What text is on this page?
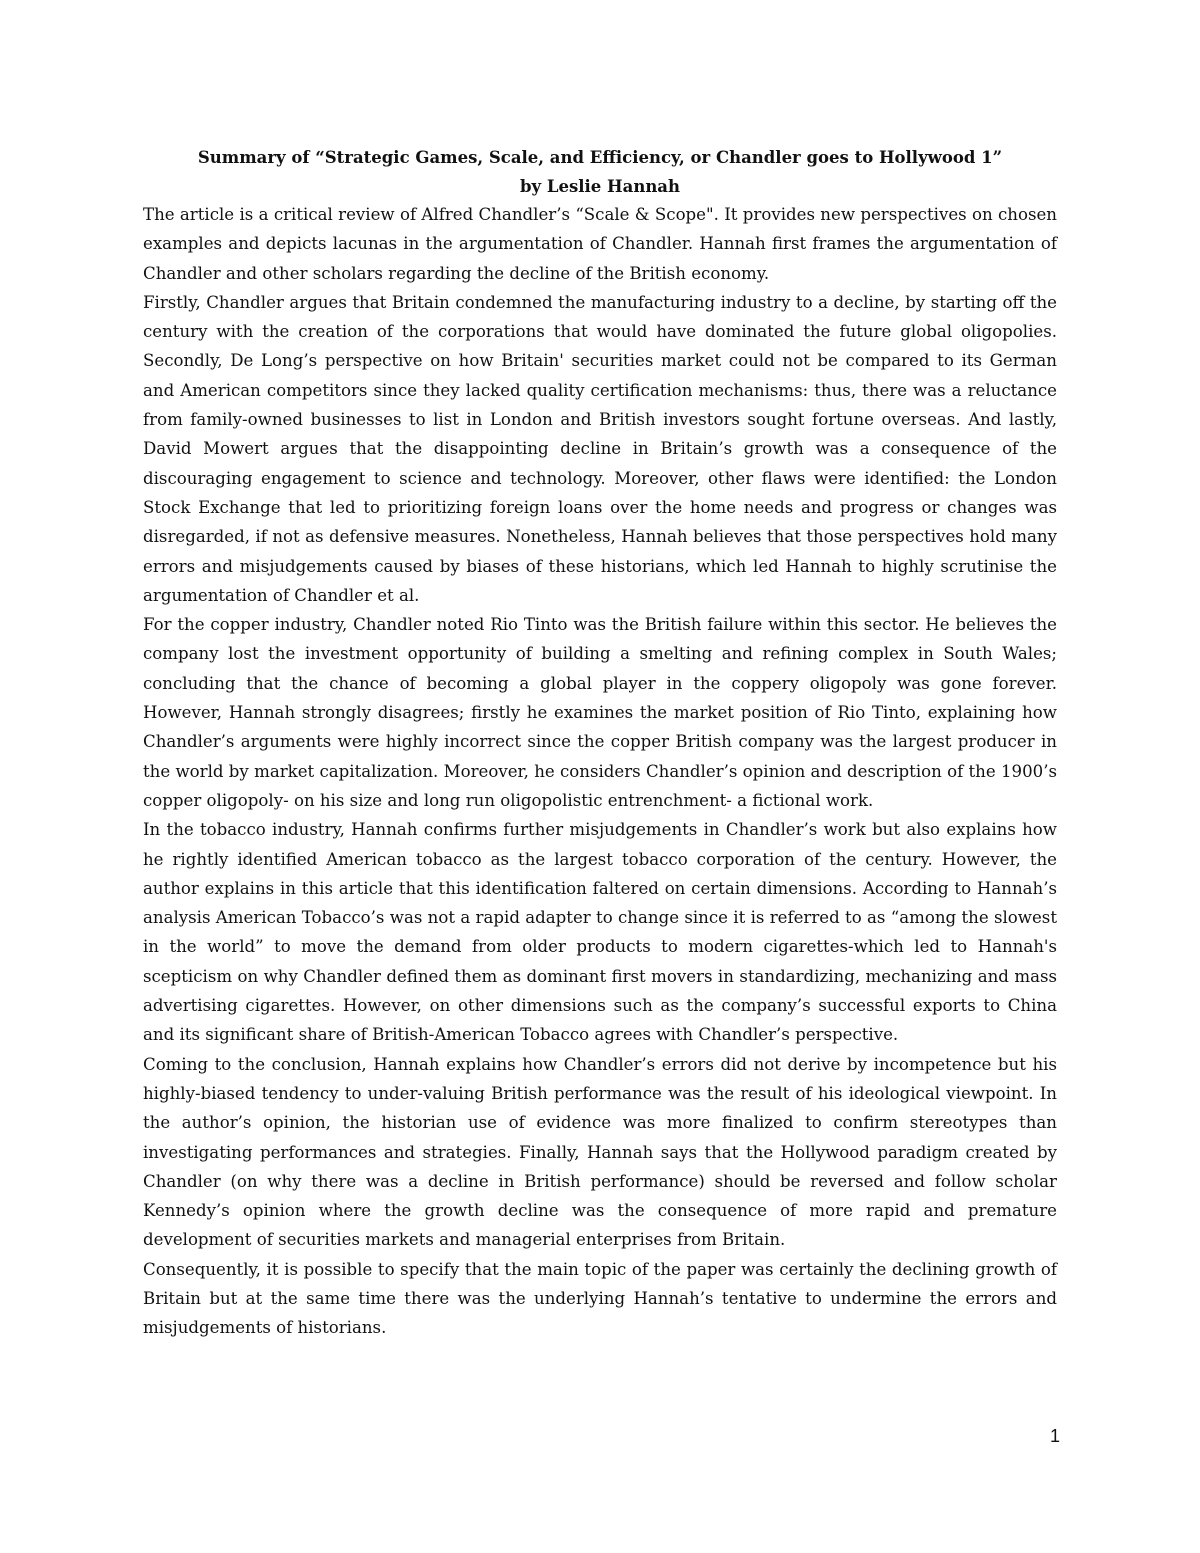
Summary of “Strategic Games, Scale, and Efficiency, or Chandler goes to Hollywood 1”
by Leslie Hannah

The article is a critical review of Alfred Chandler’s “Scale & Scope". It provides new perspectives on chosen examples and depicts lacunas in the argumentation of Chandler. Hannah first frames the argumentation of Chandler and other scholars regarding the decline of the British economy.

Firstly, Chandler argues that Britain condemned the manufacturing industry to a decline, by starting off the century with the creation of the corporations that would have dominated the future global oligopolies. Secondly, De Long’s perspective on how Britain' securities market could not be compared to its German and American competitors since they lacked quality certification mechanisms: thus, there was a reluctance from family-owned businesses to list in London and British investors sought fortune overseas. And lastly, David Mowert argues that the disappointing decline in Britain’s growth was a consequence of the discouraging engagement to science and technology. Moreover, other flaws were identified: the London Stock Exchange that led to prioritizing foreign loans over the home needs and progress or changes was disregarded, if not as defensive measures. Nonetheless, Hannah believes that those perspectives hold many errors and misjudgements caused by biases of these historians, which led Hannah to highly scrutinise the argumentation of Chandler et al.

For the copper industry, Chandler noted Rio Tinto was the British failure within this sector. He believes the company lost the investment opportunity of building a smelting and refining complex in South Wales; concluding that the chance of becoming a global player in the coppery oligopoly was gone forever. However, Hannah strongly disagrees; firstly he examines the market position of Rio Tinto, explaining how Chandler’s arguments were highly incorrect since the copper British company was the largest producer in the world by market capitalization. Moreover, he considers Chandler’s opinion and description of the 1900’s copper oligopoly- on his size and long run oligopolistic entrenchment- a fictional work.

In the tobacco industry, Hannah confirms further misjudgements in Chandler’s work but also explains how he rightly identified American tobacco as the largest tobacco corporation of the century. However, the author explains in this article that this identification faltered on certain dimensions. According to Hannah’s analysis American Tobacco’s was not a rapid adapter to change since it is referred to as “among the slowest in the world” to move the demand from older products to modern cigarettes-which led to Hannah's scepticism on why Chandler defined them as dominant first movers in standardizing, mechanizing and mass advertising cigarettes. However, on other dimensions such as the company’s successful exports to China and its significant share of British-American Tobacco agrees with Chandler’s perspective.

Coming to the conclusion, Hannah explains how Chandler’s errors did not derive by incompetence but his highly-biased tendency to under-valuing British performance was the result of his ideological viewpoint. In the author’s opinion, the historian use of evidence was more finalized to confirm stereotypes than investigating performances and strategies. Finally, Hannah says that the Hollywood paradigm created by Chandler (on why there was a decline in British performance) should be reversed and follow scholar Kennedy’s opinion where the growth decline was the consequence of more rapid and premature development of securities markets and managerial enterprises from Britain.

Consequently, it is possible to specify that the main topic of the paper was certainly the declining growth of Britain but at the same time there was the underlying Hannah’s tentative to undermine the errors and misjudgements of historians.

1
